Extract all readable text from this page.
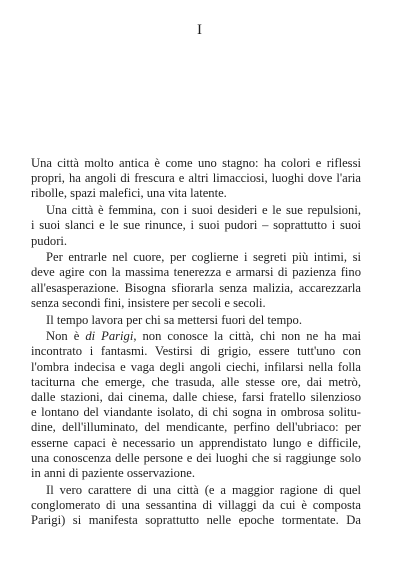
I
Una città molto antica è come uno stagno: ha colori e riflessi
propri, ha angoli di frescura e altri limacciosi, luoghi dove l'aria
ribolle, spazi malefici, una vita latente.
Una città è femmina, con i suoi desideri e le sue repulsioni,
i suoi slanci e le sue rinunce, i suoi pudori – soprattutto i suoi
pudori.
Per entrarle nel cuore, per coglierne i segreti più intimi, si
deve agire con la massima tenerezza e armarsi di pazienza fino
all'esasperazione. Bisogna sfiorarla senza malizia, accarezzarla
senza secondi fini, insistere per secoli e secoli.
Il tempo lavora per chi sa mettersi fuori del tempo.
Non è di Parigi, non conosce la città, chi non ne ha mai
incontrato i fantasmi. Vestirsi di grigio, essere tutt'uno con
l'ombra indecisa e vaga degli angoli ciechi, infilarsi nella folla
taciturna che emerge, che trasuda, alle stesse ore, dai metrò,
dalle stazioni, dai cinema, dalle chiese, farsi fratello silenzioso
e lontano del viandante isolato, di chi sogna in ombrosa solitu-
dine, dell'illuminato, del mendicante, perfino dell'ubriaco: per
esserne capaci è necessario un apprendistato lungo e difficile,
una conoscenza delle persone e dei luoghi che si raggiunge solo
in anni di paziente osservazione.
Il vero carattere di una città (e a maggior ragione di quel
conglomerato di una sessantina di villaggi da cui è composta
Parigi) si manifesta soprattutto nelle epoche tormentate. Da
